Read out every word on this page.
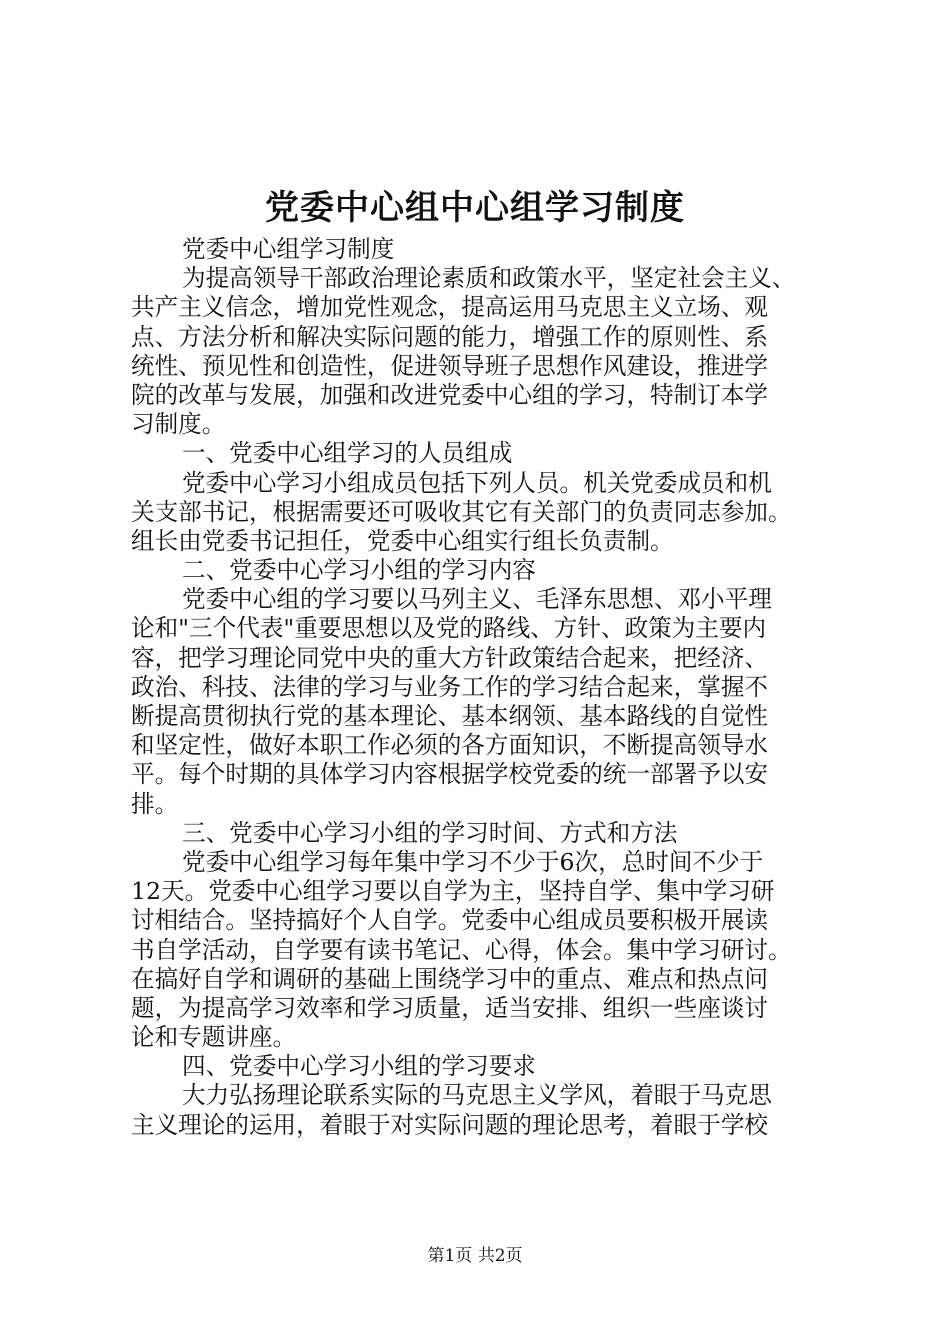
党委中心组中心组学习制度
党委中心组学习制度
为提高领导干部政治理论素质和政策水平，坚定社会主义、
共产主义信念，增加党性观念，提高运用马克思主义立场、观
点、方法分析和解决实际问题的能力，增强工作的原则性、系
统性、预见性和创造性，促进领导班子思想作风建设，推进学
院的改革与发展，加强和改进党委中心组的学习，特制订本学
习制度。
一、党委中心组学习的人员组成
党委中心学习小组成员包括下列人员。机关党委成员和机
关支部书记，根据需要还可吸收其它有关部门的负责同志参加。
组长由党委书记担任，党委中心组实行组长负责制。
二、党委中心学习小组的学习内容
党委中心组的学习要以马列主义、毛泽东思想、邓小平理
论和"三个代表"重要思想以及党的路线、方针、政策为主要内
容，把学习理论同党中央的重大方针政策结合起来，把经济、
政治、科技、法律的学习与业务工作的学习结合起来，掌握不
断提高贯彻执行党的基本理论、基本纲领、基本路线的自觉性
和坚定性，做好本职工作必须的各方面知识，不断提高领导水
平。每个时期的具体学习内容根据学校党委的统一部署予以安
排。
三、党委中心学习小组的学习时间、方式和方法
党委中心组学习每年集中学习不少于6次，总时间不少于
12天。党委中心组学习要以自学为主，坚持自学、集中学习研
讨相结合。坚持搞好个人自学。党委中心组成员要积极开展读
书自学活动，自学要有读书笔记、心得，体会。集中学习研讨。
在搞好自学和调研的基础上围绕学习中的重点、难点和热点问
题，为提高学习效率和学习质量，适当安排、组织一些座谈讨
论和专题讲座。
四、党委中心学习小组的学习要求
大力弘扬理论联系实际的马克思主义学风，着眼于马克思
主义理论的运用，着眼于对实际问题的理论思考，着眼于学校
第1页 共2页
